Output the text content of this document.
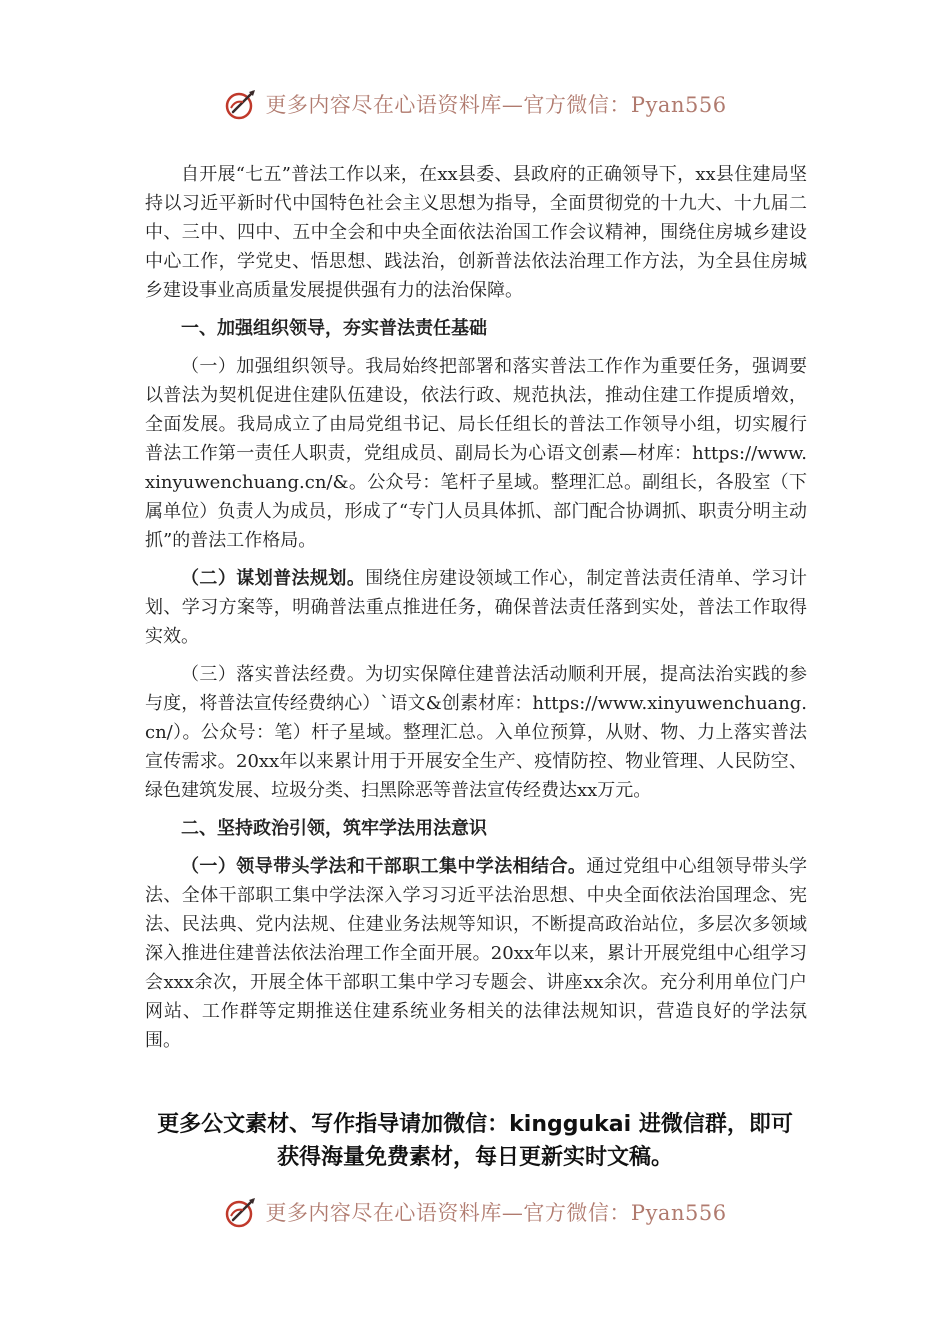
更多内容尽在心语资料库—官方微信：Pyan556

自开展“七五”普法工作以来，在xx县委、县政府的正确领导下，xx县住建局坚持以习近平新时代中国特色社会主义思想为指导，全面贯彻党的十九大、十九届二中、三中、四中、五中全会和中央全面依法治国工作会议精神，围绕住房城乡建设中心工作，学党史、悟思想、践法治，创新普法依法治理工作方法，为全县住房城乡建设事业高质量发展提供强有力的法治保障。

一、加强组织领导，夯实普法责任基础

（一）加强组织领导。我局始终把部署和落实普法工作作为重要任务，强调要以普法为契机促进住建队伍建设，依法行政、规范执法，推动住建工作提质增效，全面发展。我局成立了由局党组书记、局长任组长的普法工作领导小组，切实履行普法工作第一责任人职责，党组成员、副局长为心语文创素—材库：https://www.xinyuwenchuang.cn/&。公众号：笔杆子星域。整理汇总。副组长，各股室（下属单位）负责人为成员，形成了“专门人员具体抓、部门配合协调抓、职责分明主动抓”的普法工作格局。

（二）谋划普法规划。围绕住房建设领域工作心，制定普法责任清单、学习计划、学习方案等，明确普法重点推进任务，确保普法责任落到实处，普法工作取得实效。

（三）落实普法经费。为切实保障住建普法活动顺利开展，提高法治实践的参与度，将普法宣传经费纳心）`语文&创素材库：https://www.xinyuwenchuang.cn/）。公众号：笔）杆子星域。整理汇总。入单位预算，从财、物、力上落实普法宣传需求。20xx年以来累计用于开展安全生产、疫情防控、物业管理、人民防空、绿色建筑发展、垃圾分类、扫黑除恶等普法宣传经费达xx万元。

二、坚持政治引领，筑牢学法用法意识

（一）领导带头学法和干部职工集中学法相结合。通过党组中心组领导带头学法、全体干部职工集中学法深入学习习近平法治思想、中央全面依法治国理念、宪法、民法典、党内法规、住建业务法规等知识，不断提高政治站位，多层次多领域深入推进住建普法依法治理工作全面开展。20xx年以来，累计开展党组中心组学习会xxx余次，开展全体干部职工集中学习专题会、讲座xx余次。充分利用单位门户网站、工作群等定期推送住建系统业务相关的法律法规知识，营造良好的学法氛围。

更多公文素材、写作指导请加微信：kinggukai 进微信群，即可
获得海量免费素材，每日更新实时文稿。
更多内容尽在心语资料库—官方微信：Pyan556
